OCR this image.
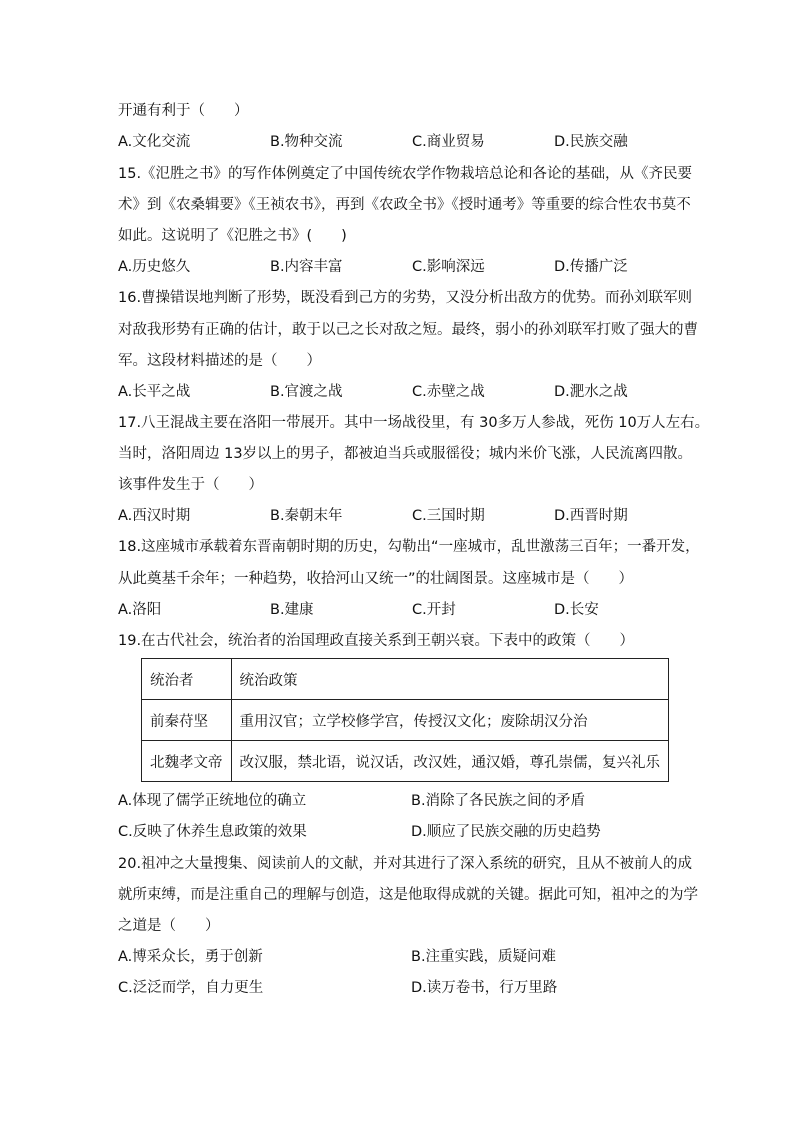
开通有利于（　　）
A.文化交流	B.物种交流	C.商业贸易	D.民族交融
15.《氾胜之书》的写作体例奠定了中国传统农学作物栽培总论和各论的基础，从《齐民要
术》到《农桑辑要》《王祯农书》，再到《农政全书》《授时通考》等重要的综合性农书莫不
如此。这说明了《氾胜之书》(　　)
A.历史悠久	B.内容丰富	C.影响深远	D.传播广泛
16.曹操错误地判断了形势，既没看到己方的劣势，又没分析出敌方的优势。而孙刘联军则
对敌我形势有正确的估计，敢于以己之长对敌之短。最终，弱小的孙刘联军打败了强大的曹
军。这段材料描述的是（　　）
A.长平之战	B.官渡之战	C.赤壁之战	D.淝水之战
17.八王混战主要在洛阳一带展开。其中一场战役里，有 30多万人参战，死伤 10万人左右。
当时，洛阳周边 13岁以上的男子，都被迫当兵或服徭役；城内米价飞涨，人民流离四散。
该事件发生于（　　）
A.西汉时期	B.秦朝末年	C.三国时期	D.西晋时期
18.这座城市承载着东晋南朝时期的历史，勾勒出“一座城市，乱世激荡三百年；一番开发，
从此奠基千余年；一种趋势，收拾河山又统一”的壮阔图景。这座城市是（　　）
A.洛阳	B.建康	C.开封	D.长安
19.在古代社会，统治者的治国理政直接关系到王朝兴衰。下表中的政策（　　）
统治者	统治政策
前秦苻坚	重用汉官；立学校修学宫，传授汉文化；废除胡汉分治
北魏孝文帝	改汉服，禁北语，说汉话，改汉姓，通汉婚，尊孔崇儒，复兴礼乐
A.体现了儒学正统地位的确立	B.消除了各民族之间的矛盾
C.反映了休养生息政策的效果	D.顺应了民族交融的历史趋势
20.祖冲之大量搜集、阅读前人的文献，并对其进行了深入系统的研究，且从不被前人的成
就所束缚，而是注重自己的理解与创造，这是他取得成就的关键。据此可知，祖冲之的为学
之道是（　　）
A.博采众长，勇于创新	B.注重实践，质疑问难
C.泛泛而学，自力更生	D.读万卷书，行万里路
